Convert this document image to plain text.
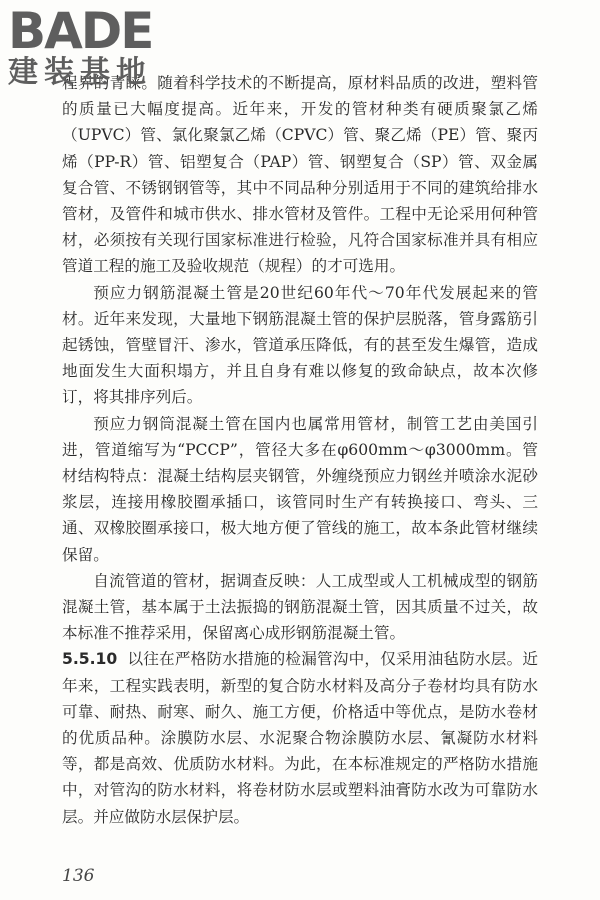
程界的青睐。随着科学技术的不断提高，原材料品质的改进，塑料管的质量已大幅度提高。近年来，开发的管材种类有硬质聚氯乙烯（UPVC）管、氯化聚氯乙烯（CPVC）管、聚乙烯（PE）管、聚丙烯（PP-R）管、铝塑复合（PAP）管、钢塑复合（SP）管、双金属复合管、不锈钢钢管等，其中不同品种分别适用于不同的建筑给排水管材，及管件和城市供水、排水管材及管件。工程中无论采用何种管材，必须按有关现行国家标准进行检验，凡符合国家标准并具有相应管道工程的施工及验收规范（规程）的才可选用。

预应力钢筋混凝土管是20世纪60年代～70年代发展起来的管材。近年来发现，大量地下钢筋混凝土管的保护层脱落，管身露筋引起锈蚀，管壁冒汗、渗水，管道承压降低，有的甚至发生爆管，造成地面发生大面积塌方，并且自身有难以修复的致命缺点，故本次修订，将其排序列后。

预应力钢筒混凝土管在国内也属常用管材，制管工艺由美国引进，管道缩写为“PCCP”，管径大多在φ600mm～φ3000mm。管材结构特点：混凝土结构层夹钢管，外缠绕预应力钢丝并喷涂水泥砂浆层，连接用橡胶圈承插口，该管同时生产有转换接口、弯头、三通、双橡胶圈承接口，极大地方便了管线的施工，故本条此管材继续保留。

自流管道的管材，据调查反映：人工成型或人工机械成型的钢筋混凝土管，基本属于土法振捣的钢筋混凝土管，因其质量不过关，故本标准不推荐采用，保留离心成形钢筋混凝土管。

5.5.10 以往在严格防水措施的检漏管沟中，仅采用油毡防水层。近年来，工程实践表明，新型的复合防水材料及高分子卷材均具有防水可靠、耐热、耐寒、耐久、施工方便，价格适中等优点，是防水卷材的优质品种。涂膜防水层、水泥聚合物涂膜防水层、氰凝防水材料等，都是高效、优质防水材料。为此，在本标准规定的严格防水措施中，对管沟的防水材料，将卷材防水层或塑料油膏防水改为可靠防水层。并应做防水层保护层。

BADE
建装基地
136
